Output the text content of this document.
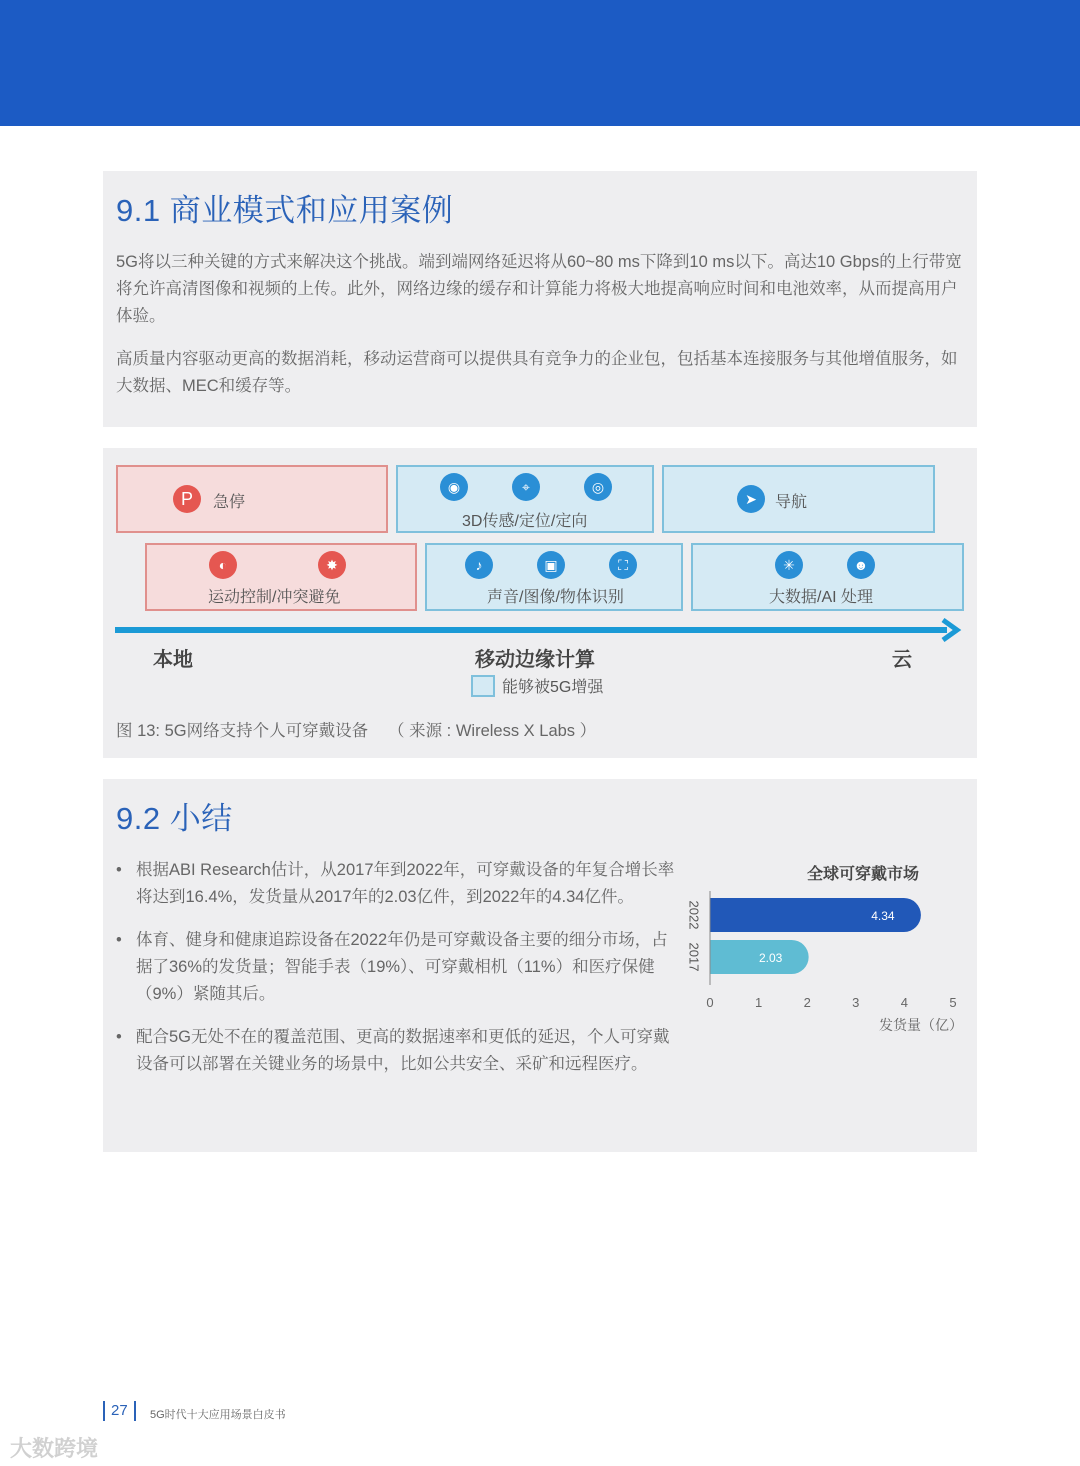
9.1 商业模式和应用案例
5G将以三种关键的方式来解决这个挑战。端到端网络延迟将从60~80 ms下降到10 ms以下。高达10 Gbps的上行带宽将允许高清图像和视频的上传。此外，网络边缘的缓存和计算能力将极大地提高响应时间和电池效率，从而提高用户体验。
高质量内容驱动更高的数据消耗，移动运营商可以提供具有竞争力的企业包，包括基本连接服务与其他增值服务，如大数据、MEC和缓存等。
P	急停
◉	⌖	◎
3D传感/定位/定向
➤	导航
◐	✸
运动控制/冲突避免
♪	▣	⛶
声音/图像/物体识别
✳	☻
大数据/AI 处理
本地	移动边缘计算	云
能够被5G增强
图 13: 5G网络支持个人可穿戴设备 （ 来源 : Wireless X Labs ）
9.2 小结
• 根据ABI Research估计，从2017年到2022年，可穿戴设备的年复合增长率将达到16.4%，发货量从2017年的2.03亿件，到2022年的4.34亿件。
• 体育、健身和健康追踪设备在2022年仍是可穿戴设备主要的细分市场，占据了36%的发货量；智能手表（19%）、可穿戴相机（11%）和医疗保健（9%）紧随其后。
• 配合5G无处不在的覆盖范围、更高的数据速率和更低的延迟，个人可穿戴设备可以部署在关键业务的场景中，比如公共安全、采矿和远程医疗。
全球可穿戴市场
4.34
2022
2.03
2017
0	1	2	3	4	5
发货量（亿）
27	5G时代十大应用场景白皮书
大数跨境
